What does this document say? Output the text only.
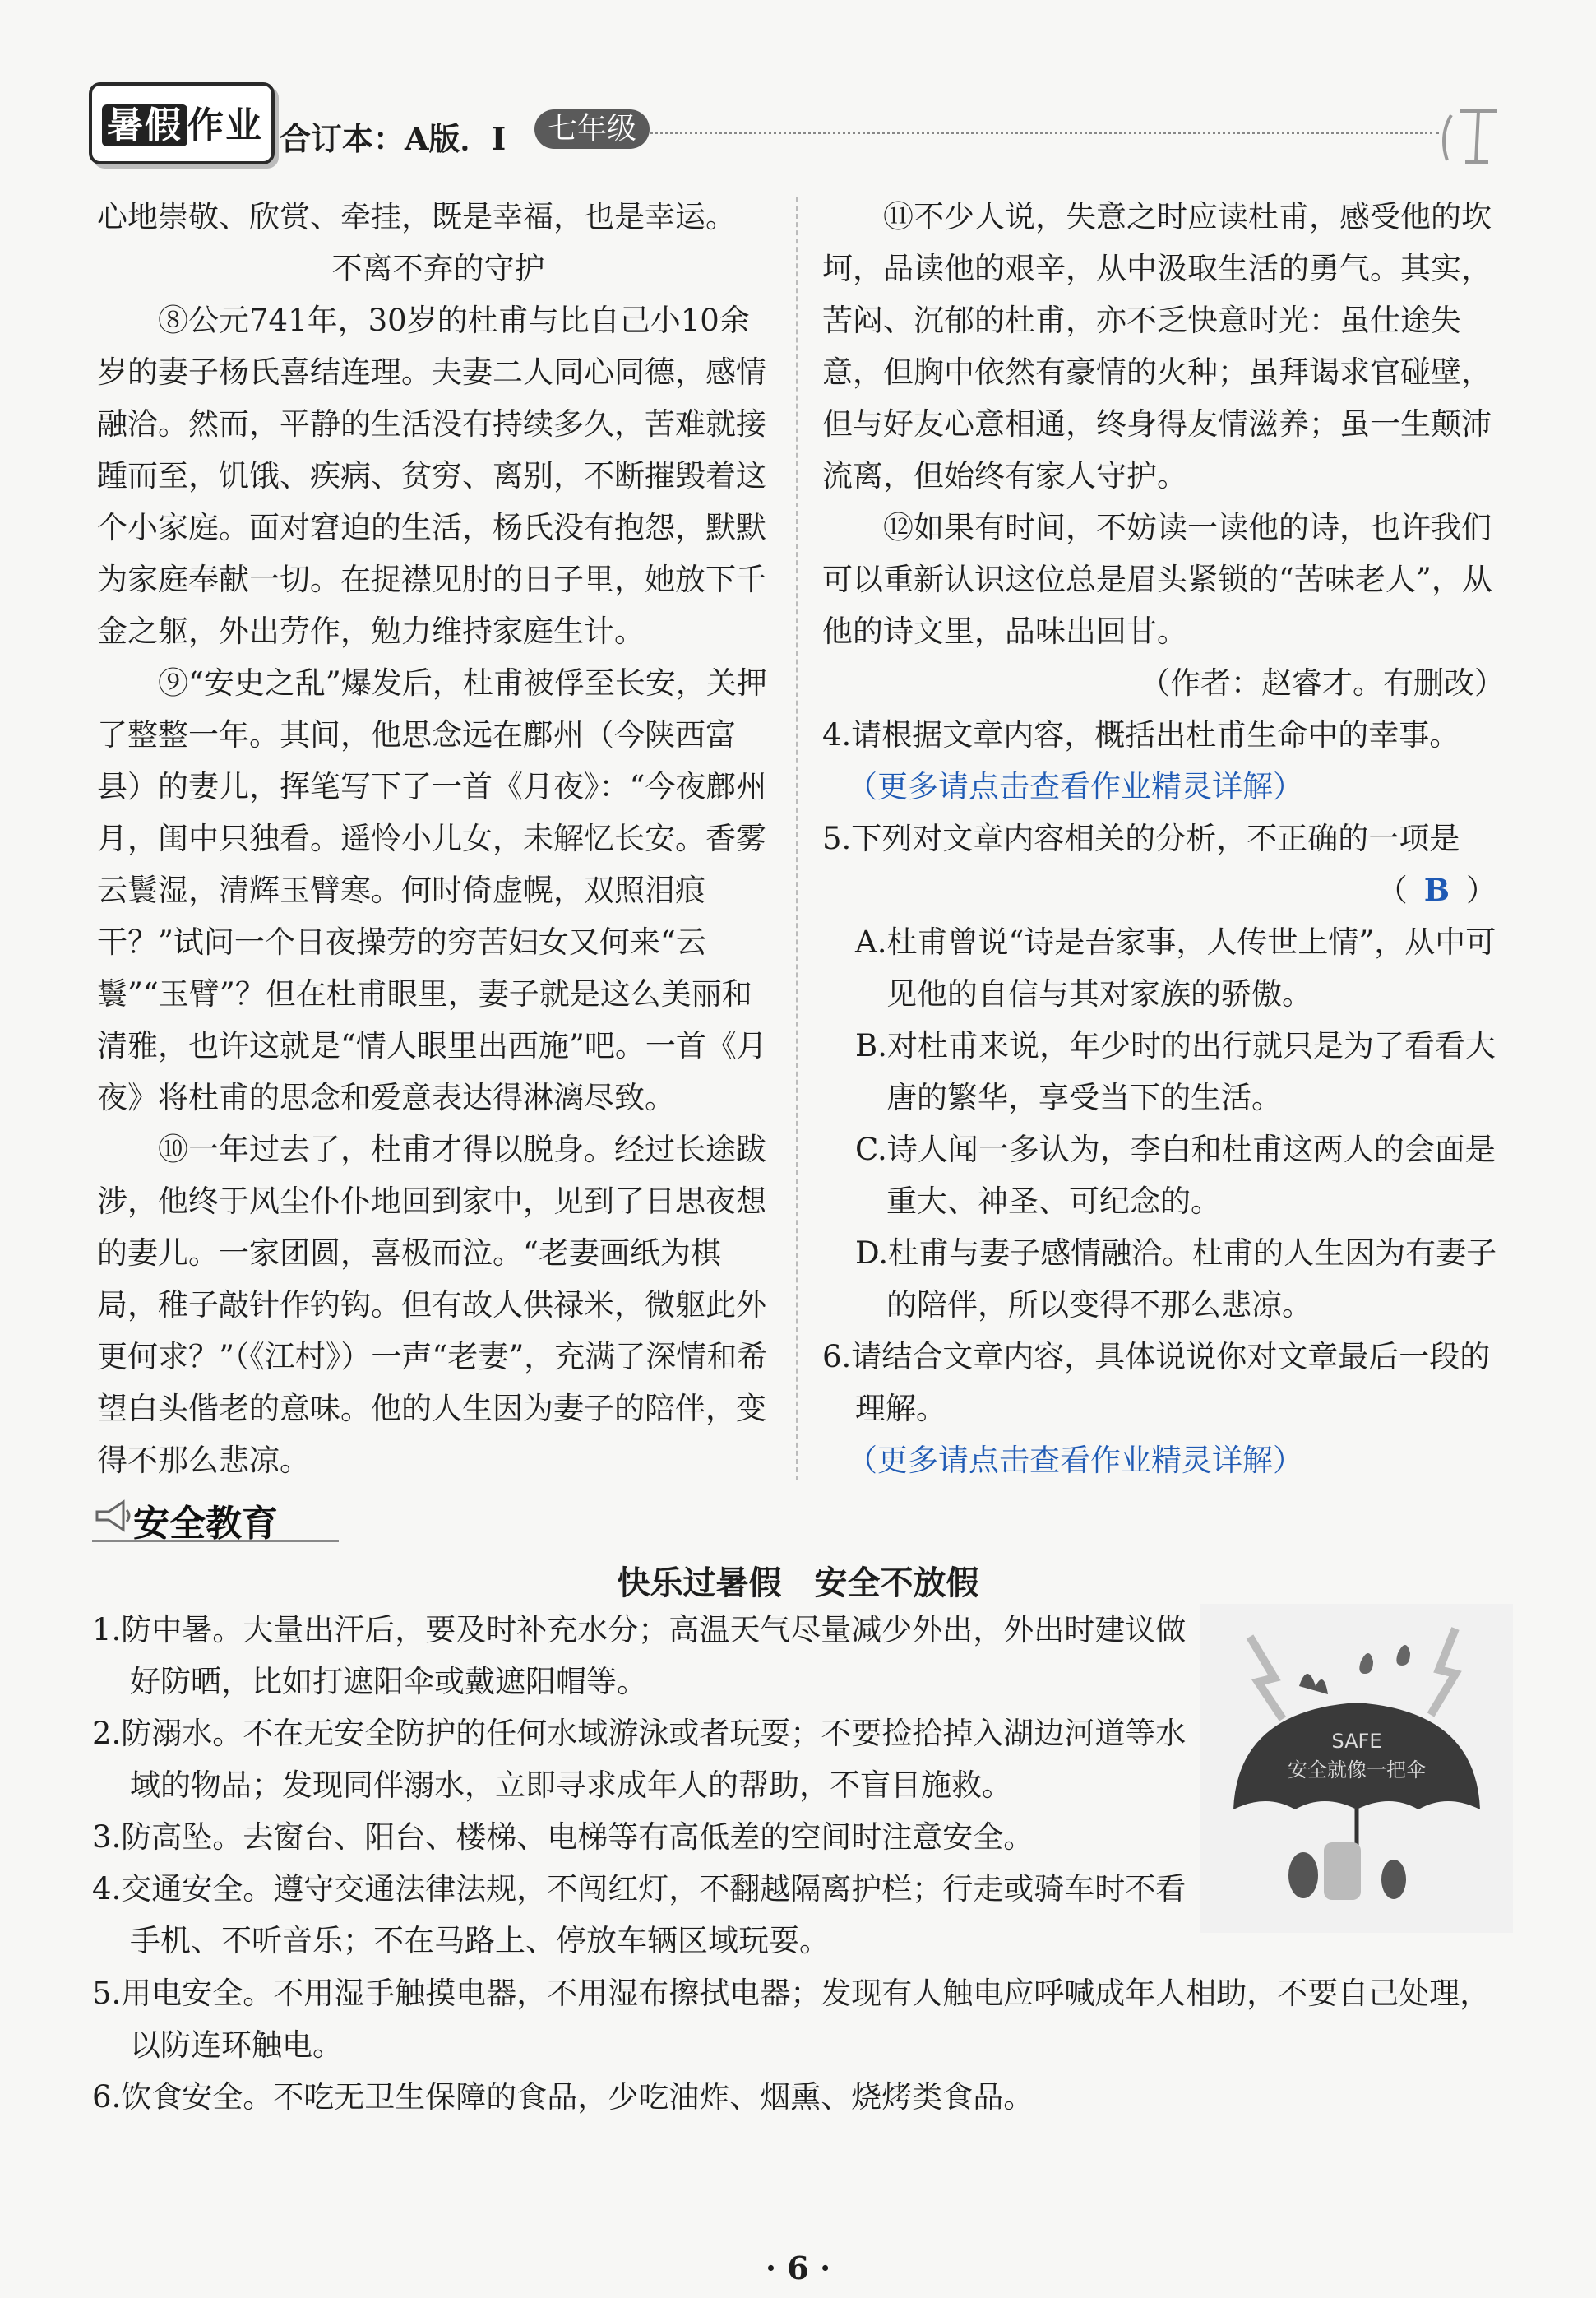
暑假 作业 合订本：A版．I	七年级

心地崇敬、欣赏、牵挂，既是幸福，也是幸运。

不离不弃的守护

⑧公元741年，30岁的杜甫与比自己小10余岁的妻子杨氏喜结连理。夫妻二人同心同德，感情融洽。然而，平静的生活没有持续多久，苦难就接踵而至，饥饿、疾病、贫穷、离别，不断摧毁着这个小家庭。面对窘迫的生活，杨氏没有抱怨，默默为家庭奉献一切。在捉襟见肘的日子里，她放下千金之躯，外出劳作，勉力维持家庭生计。

⑨“安史之乱”爆发后，杜甫被俘至长安，关押了整整一年。其间，他思念远在鄜州（今陕西富县）的妻儿，挥笔写下了一首《月夜》：“今夜鄜州月，闺中只独看。遥怜小儿女，未解忆长安。香雾云鬟湿，清辉玉臂寒。何时倚虚幌，双照泪痕干？”试问一个日夜操劳的穷苦妇女又何来“云鬟”“玉臂”？但在杜甫眼里，妻子就是这么美丽和清雅，也许这就是“情人眼里出西施”吧。一首《月夜》将杜甫的思念和爱意表达得淋漓尽致。

⑩一年过去了，杜甫才得以脱身。经过长途跋涉，他终于风尘仆仆地回到家中，见到了日思夜想的妻儿。一家团圆，喜极而泣。“老妻画纸为棋局，稚子敲针作钓钩。但有故人供禄米，微躯此外更何求？”（《江村》）一声“老妻”，充满了深情和希望白头偕老的意味。他的人生因为妻子的陪伴，变得不那么悲凉。

⑪不少人说，失意之时应读杜甫，感受他的坎坷，品读他的艰辛，从中汲取生活的勇气。其实，苦闷、沉郁的杜甫，亦不乏快意时光：虽仕途失意，但胸中依然有豪情的火种；虽拜谒求官碰壁，但与好友心意相通，终身得友情滋养；虽一生颠沛流离，但始终有家人守护。

⑫如果有时间，不妨读一读他的诗，也许我们可以重新认识这位总是眉头紧锁的“苦味老人”，从他的诗文里，品味出回甘。

（作者：赵睿才。有删改）

4.请根据文章内容，概括出杜甫生命中的幸事。

（更多请点击查看作业精灵详解）

5.下列对文章内容相关的分析，不正确的一项是

（ B ）

A.杜甫曾说“诗是吾家事，人传世上情”，从中可见他的自信与其对家族的骄傲。

B.对杜甫来说，年少时的出行就只是为了看看大唐的繁华，享受当下的生活。

C.诗人闻一多认为，李白和杜甫这两人的会面是重大、神圣、可纪念的。

D.杜甫与妻子感情融洽。杜甫的人生因为有妻子的陪伴，所以变得不那么悲凉。

6.请结合文章内容，具体说说你对文章最后一段的理解。

（更多请点击查看作业精灵详解）

安全教育
快乐过暑假　安全不放假

1.防中暑。大量出汗后，要及时补充水分；高温天气尽量减少外出，外出时建议做好防晒，比如打遮阳伞或戴遮阳帽等。

2.防溺水。不在无安全防护的任何水域游泳或者玩耍；不要捡拾掉入湖边河道等水域的物品；发现同伴溺水，立即寻求成年人的帮助，不盲目施救。

3.防高坠。去窗台、阳台、楼梯、电梯等有高低差的空间时注意安全。

4.交通安全。遵守交通法律法规，不闯红灯，不翻越隔离护栏；行走或骑车时不看手机、不听音乐；不在马路上、停放车辆区域玩耍。

5.用电安全。不用湿手触摸电器，不用湿布擦拭电器；发现有人触电应呼喊成年人相助，不要自己处理，以防连环触电。

6.饮食安全。不吃无卫生保障的食品，少吃油炸、烟熏、烧烤类食品。

SAFE
安全就像一把伞
· 6 ·
